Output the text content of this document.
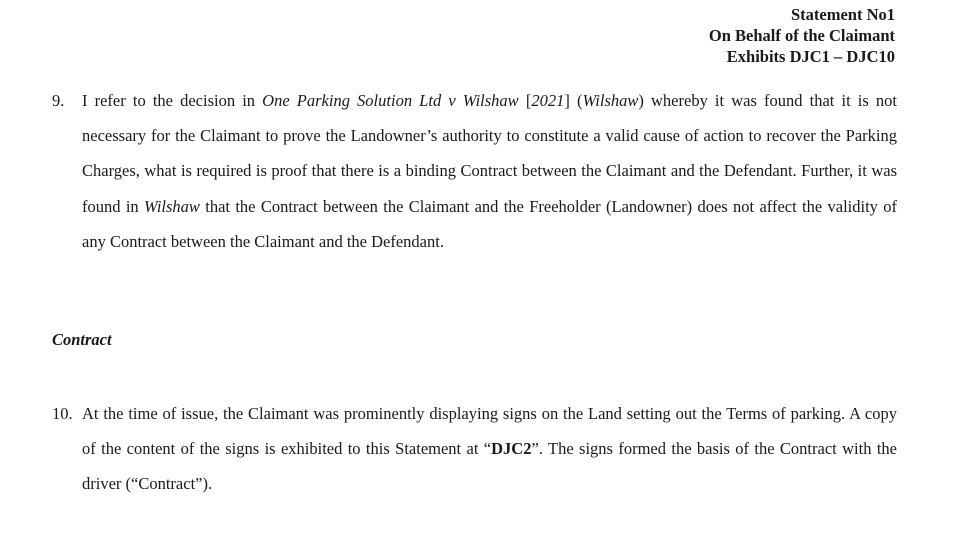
Statement No1
On Behalf of the Claimant
Exhibits DJC1 – DJC10
9. I refer to the decision in One Parking Solution Ltd v Wilshaw [2021] (Wilshaw) whereby it was found that it is not necessary for the Claimant to prove the Landowner’s authority to constitute a valid cause of action to recover the Parking Charges, what is required is proof that there is a binding Contract between the Claimant and the Defendant. Further, it was found in Wilshaw that the Contract between the Claimant and the Freeholder (Landowner) does not affect the validity of any Contract between the Claimant and the Defendant.
Contract
10. At the time of issue, the Claimant was prominently displaying signs on the Land setting out the Terms of parking. A copy of the content of the signs is exhibited to this Statement at “DJC2”. The signs formed the basis of the Contract with the driver (“Contract”).
